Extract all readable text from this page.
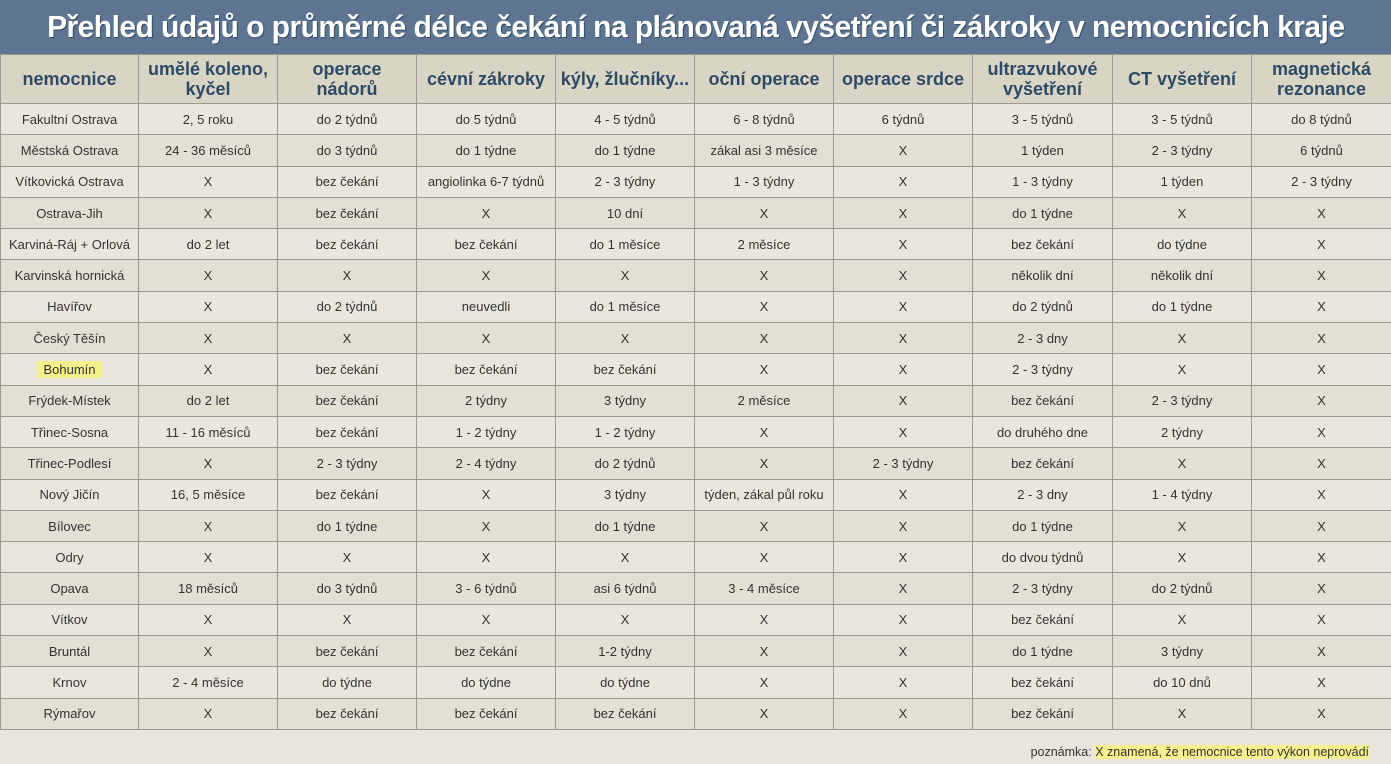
Přehled údajů o průměrné délce čekání na plánovaná vyšetření či zákroky v nemocnicích kraje
nemocnice	umělé koleno, kyčel	operace nádorů	cévní zákroky	kýly, žlučníky...	oční operace	operace srdce	ultrazvukové vyšetření	CT vyšetření	magnetická rezonance
Fakultní Ostrava	2, 5 roku	do 2 týdnů	do 5 týdnů	4 - 5 týdnů	6 - 8 týdnů	6 týdnů	3 - 5 týdnů	3 - 5 týdnů	do 8 týdnů
Městská Ostrava	24 - 36 měsíců	do 3 týdnů	do 1 týdne	do 1 týdne	zákal asi 3 měsíce	X	1 týden	2 - 3 týdny	6 týdnů
Vítkovická Ostrava	X	bez čekání	angiolinka 6-7 týdnů	2 - 3 týdny	1 - 3 týdny	X	1 - 3 týdny	1 týden	2 - 3 týdny
Ostrava-Jih	X	bez čekání	X	10 dní	X	X	do 1 týdne	X	X
Karviná-Ráj + Orlová	do 2 let	bez čekání	bez čekání	do 1 měsíce	2 měsíce	X	bez čekání	do týdne	X
Karvinská hornická	X	X	X	X	X	X	několik dní	několik dní	X
Havířov	X	do 2 týdnů	neuvedli	do 1 měsíce	X	X	do 2 týdnů	do 1 týdne	X
Český Těšín	X	X	X	X	X	X	2 - 3 dny	X	X
Bohumín	X	bez čekání	bez čekání	bez čekání	X	X	2 - 3 týdny	X	X
Frýdek-Místek	do 2 let	bez čekání	2 týdny	3 týdny	2 měsíce	X	bez čekání	2 - 3 týdny	X
Třinec-Sosna	11 - 16 měsíců	bez čekání	1 - 2 týdny	1 - 2 týdny	X	X	do druhého dne	2 týdny	X
Třinec-Podlesí	X	2 - 3 týdny	2 - 4 týdny	do 2 týdnů	X	2 - 3 týdny	bez čekání	X	X
Nový Jičín	16, 5 měsíce	bez čekání	X	3 týdny	týden, zákal půl roku	X	2 - 3 dny	1 - 4 týdny	X
Bílovec	X	do 1 týdne	X	do 1 týdne	X	X	do 1 týdne	X	X
Odry	X	X	X	X	X	X	do dvou týdnů	X	X
Opava	18 měsíců	do 3 týdnů	3 - 6 týdnů	asi 6 týdnů	3 - 4 měsíce	X	2 - 3 týdny	do 2 týdnů	X
Vítkov	X	X	X	X	X	X	bez čekání	X	X
Bruntál	X	bez čekání	bez čekání	1-2 týdny	X	X	do 1 týdne	3 týdny	X
Krnov	2 - 4 měsíce	do týdne	do týdne	do týdne	X	X	bez čekání	do 10 dnů	X
Rýmařov	X	bez čekání	bez čekání	bez čekání	X	X	bez čekání	X	X
poznámka: X znamená, že nemocnice tento výkon neprovádí
